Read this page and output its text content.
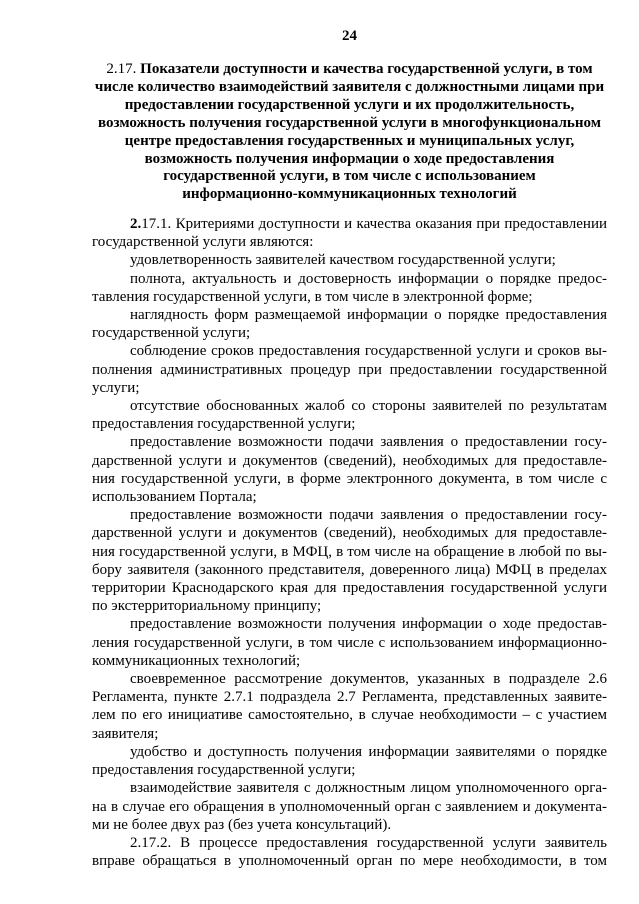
24
2.17. Показатели доступности и качества государственной услуги, в том
числе количество взаимодействий заявителя с должностными лицами при
предоставлении государственной услуги и их продолжительность,
возможность получения государственной услуги в многофункциональном
центре предоставления государственных и муниципальных услуг,
возможность получения информации о ходе предоставления
государственной услуги, в том числе с использованием
информационно-коммуникационных технологий
2.17.1. Критериями доступности и качества оказания при предоставлении
государственной услуги являются:
удовлетворенность заявителей качеством государственной услуги;
полнота, актуальность и достоверность информации о порядке предос-
тавления государственной услуги, в том числе в электронной форме;
наглядность форм размещаемой информации о порядке предоставления
государственной услуги;
соблюдение сроков предоставления государственной услуги и сроков вы-
полнения административных процедур при предоставлении государственной
услуги;
отсутствие обоснованных жалоб со стороны заявителей по результатам
предоставления государственной услуги;
предоставление возможности подачи заявления о предоставлении госу-
дарственной услуги и документов (сведений), необходимых для предоставле-
ния государственной услуги, в форме электронного документа, в том числе с
использованием Портала;
предоставление возможности подачи заявления о предоставлении госу-
дарственной услуги и документов (сведений), необходимых для предоставле-
ния государственной услуги, в МФЦ, в том числе на обращение в любой по вы-
бору заявителя (законного представителя, доверенного лица) МФЦ в пределах
территории Краснодарского края для предоставления государственной услуги
по экстерриториальному принципу;
предоставление возможности получения информации о ходе предостав-
ления государственной услуги, в том числе с использованием информационно-
коммуникационных технологий;
своевременное рассмотрение документов, указанных в подразделе 2.6
Регламента, пункте 2.7.1 подраздела 2.7 Регламента, представленных заявите-
лем по его инициативе самостоятельно, в случае необходимости – с участием
заявителя;
удобство и доступность получения информации заявителями о порядке
предоставления государственной услуги;
взаимодействие заявителя с должностным лицом уполномоченного орга-
на в случае его обращения в уполномоченный орган с заявлением и документа-
ми не более двух раз (без учета консультаций).
2.17.2. В процессе предоставления государственной услуги заявитель
вправе обращаться в уполномоченный орган по мере необходимости, в том
